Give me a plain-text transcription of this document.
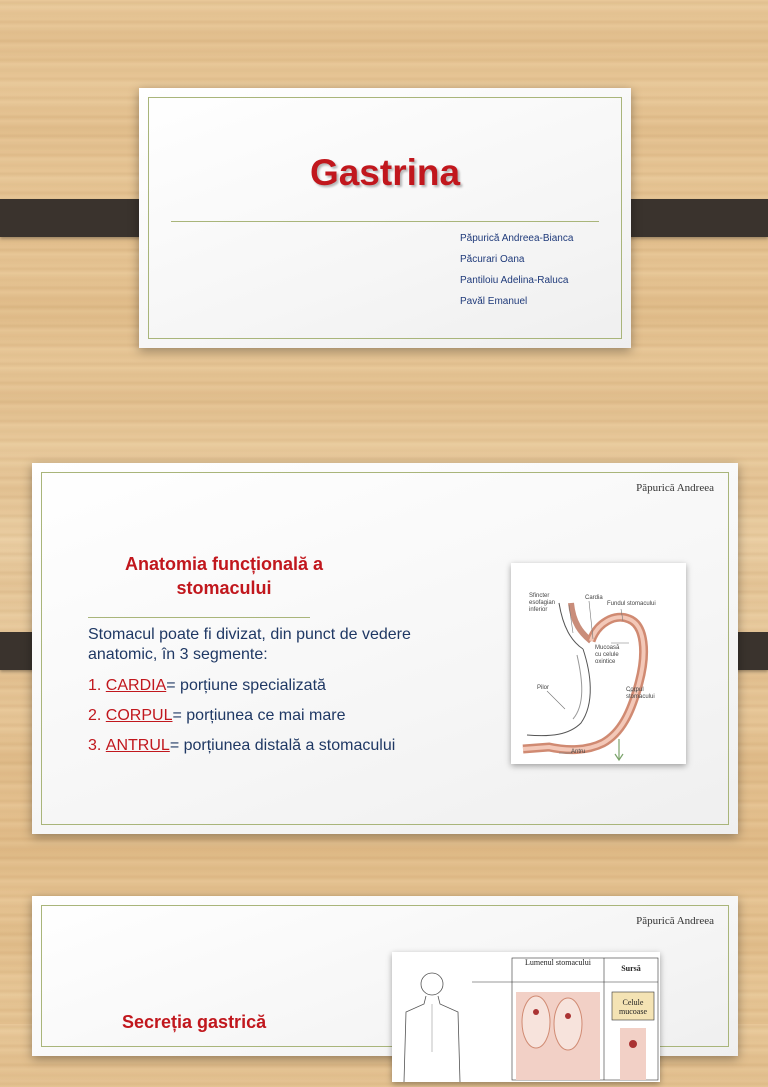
Gastrina
Păpurică Andreea-Bianca
Păcurari Oana
Pantiloiu Adelina-Raluca
Pavăl Emanuel
Păpurică Andreea
Anatomia funcțională a
stomacului
Stomacul poate fi divizat, din punct de vedere anatomic, în 3 segmente:
1. CARDIA= porțiune specializată
2. CORPUL= porțiunea ce mai mare
3. ANTRUL= porțiunea distală a stomacului
Sfincter esofagian inferior
Cardia
Fundul stomacului
Mucoasă cu celule oxintice
Pilor	Corpul stomacului
Antru
Păpurică Andreea
Secreția gastrică
Lumenul stomacului
Sursă
Celule mucoase
